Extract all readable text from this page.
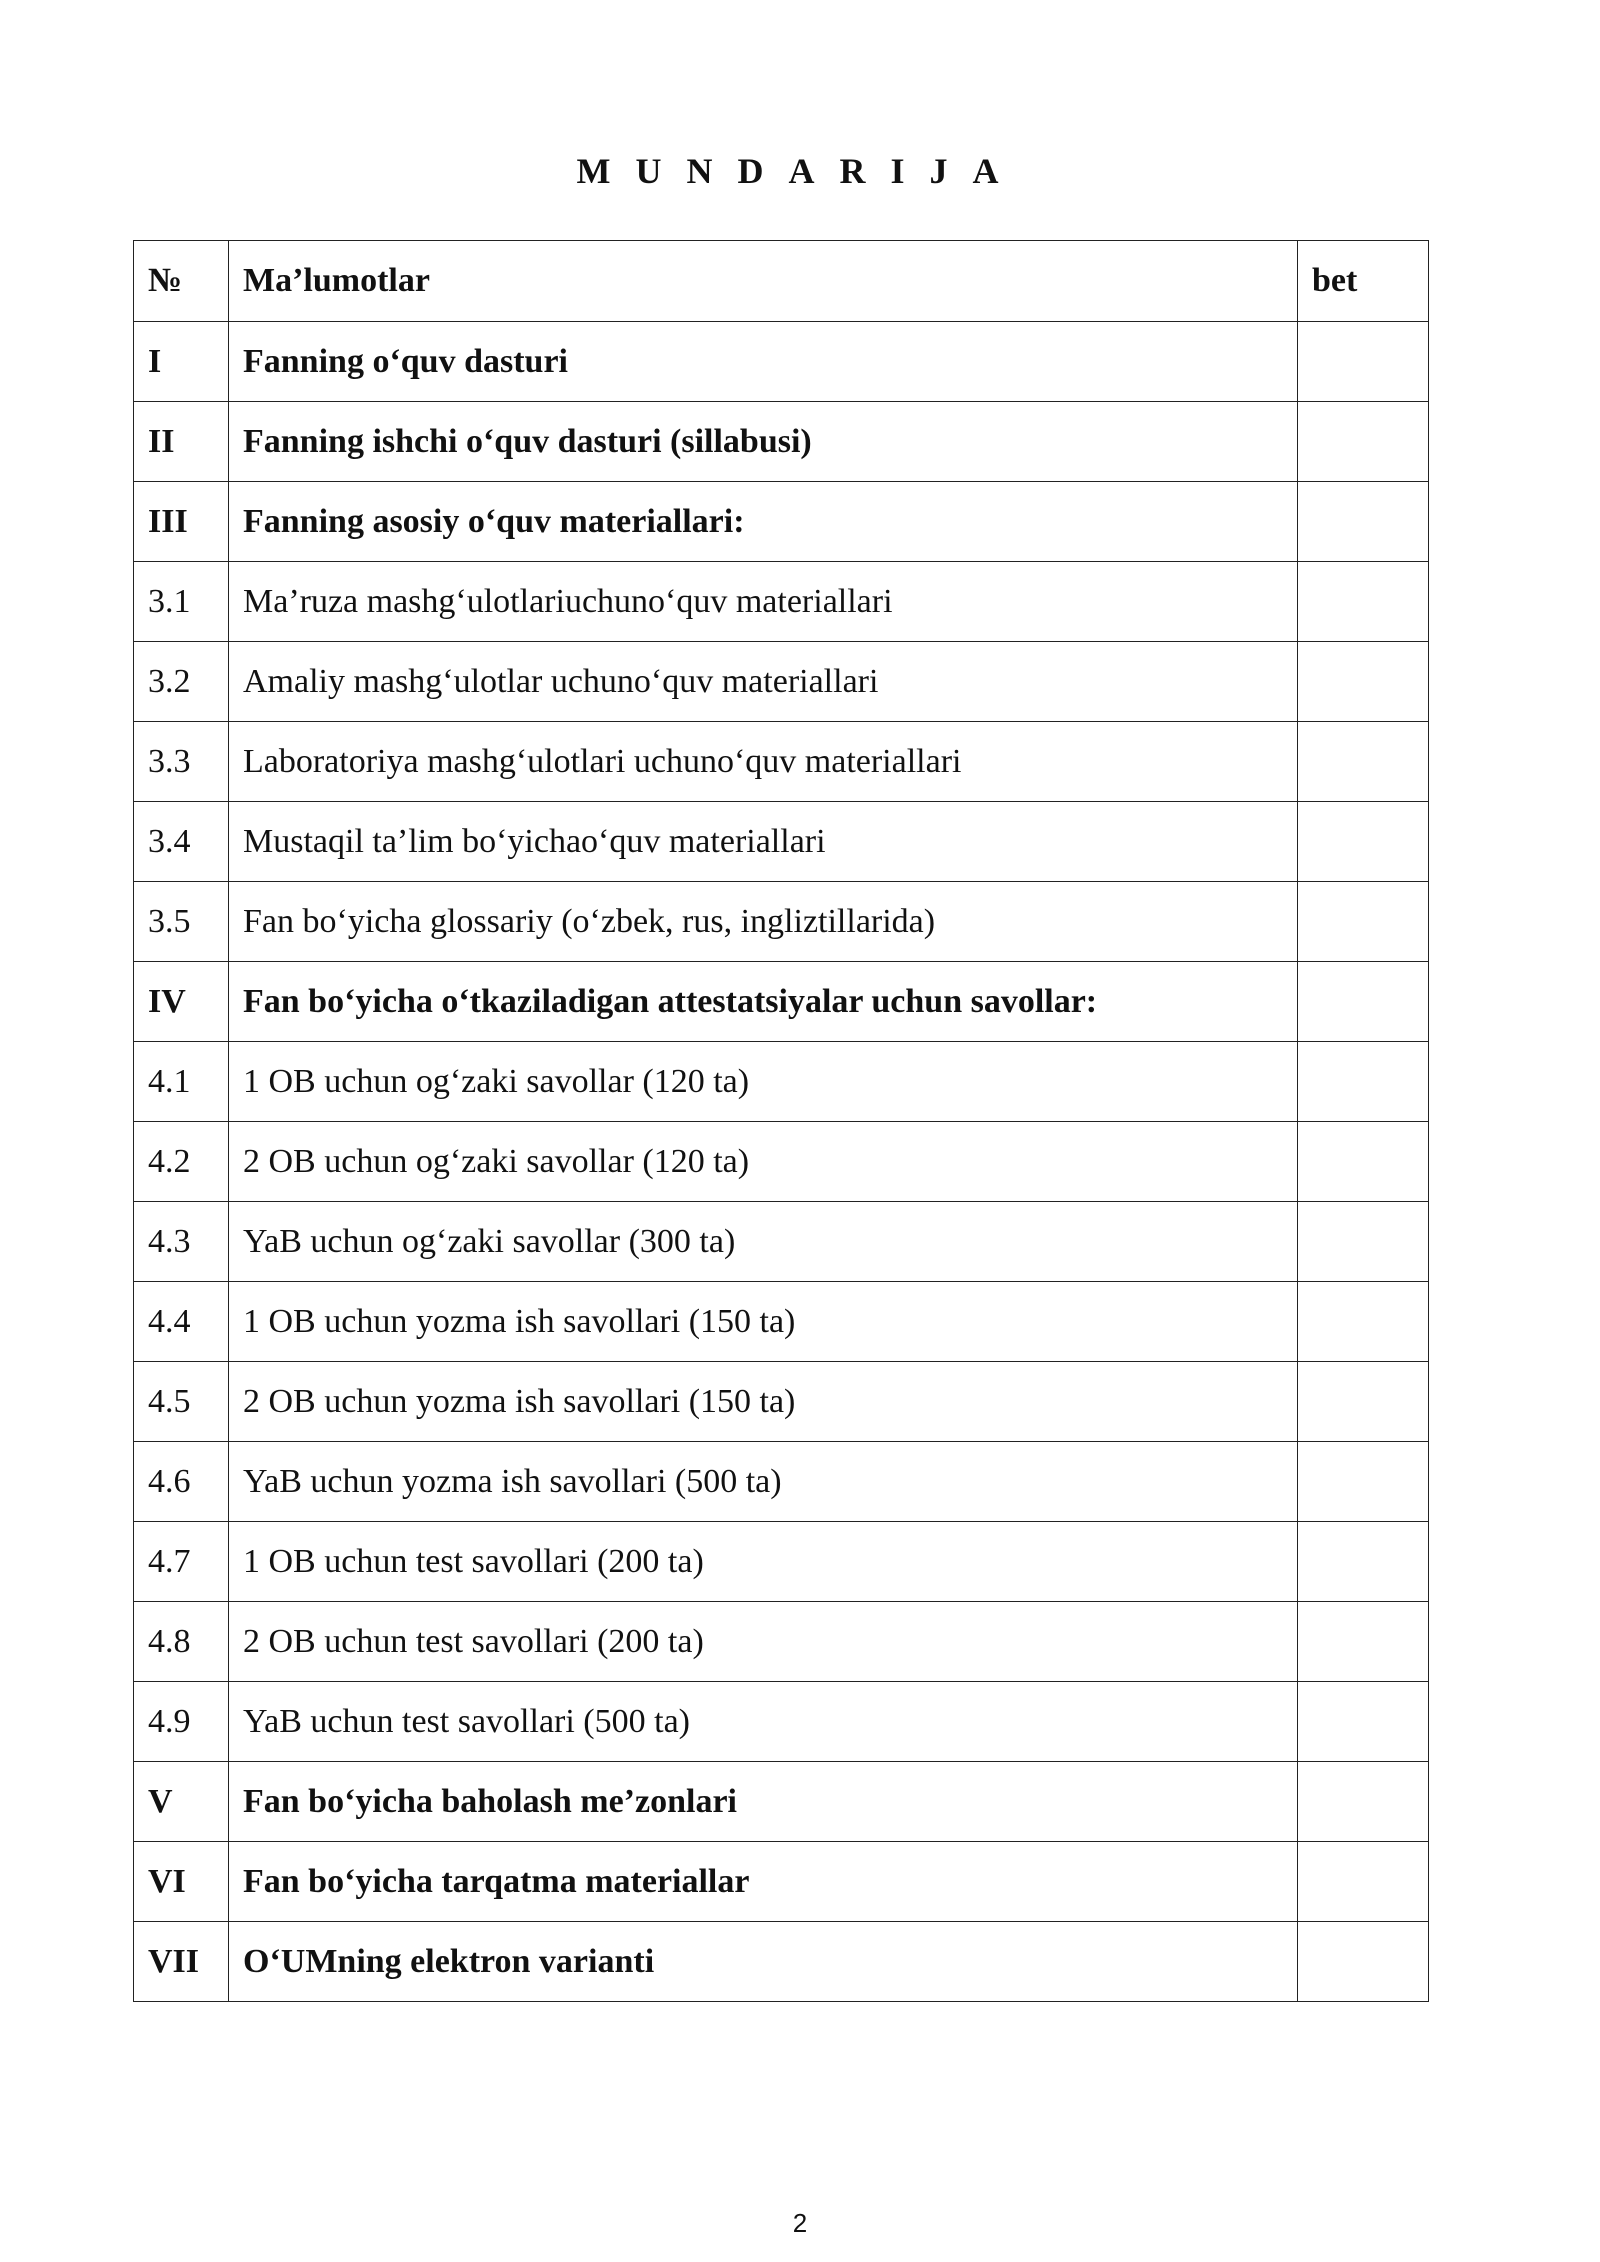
MUNDARIJA
№	Ma’lumotlar	bet
I	Fanning o‘quv dasturi	
II	Fanning ishchi o‘quv dasturi (sillabusi)	
III	Fanning asosiy o‘quv materiallari:	
3.1	Ma’ruza mashg‘ulotlariuchuno‘quv materiallari	
3.2	Amaliy mashg‘ulotlar uchuno‘quv materiallari	
3.3	Laboratoriya mashg‘ulotlari uchuno‘quv materiallari	
3.4	Mustaqil ta’lim bo‘yichao‘quv materiallari	
3.5	Fan bo‘yicha glossariy (o‘zbek, rus, ingliztillarida)	
IV	Fan bo‘yicha o‘tkaziladigan attestatsiyalar uchun savollar:	
4.1	1 OB uchun og‘zaki savollar (120 ta)	
4.2	2 OB uchun og‘zaki savollar (120 ta)	
4.3	YaB uchun og‘zaki savollar (300 ta)	
4.4	1 OB uchun yozma ish savollari (150 ta)	
4.5	2 OB uchun yozma ish savollari (150 ta)	
4.6	YaB uchun yozma ish savollari (500 ta)	
4.7	1 OB uchun test savollari (200 ta)	
4.8	2 OB uchun test savollari (200 ta)	
4.9	YaB uchun test savollari (500 ta)	
V	Fan bo‘yicha baholash me’zonlari	
VI	Fan bo‘yicha tarqatma materiallar	
VII	O‘UMning elektron varianti	
2
